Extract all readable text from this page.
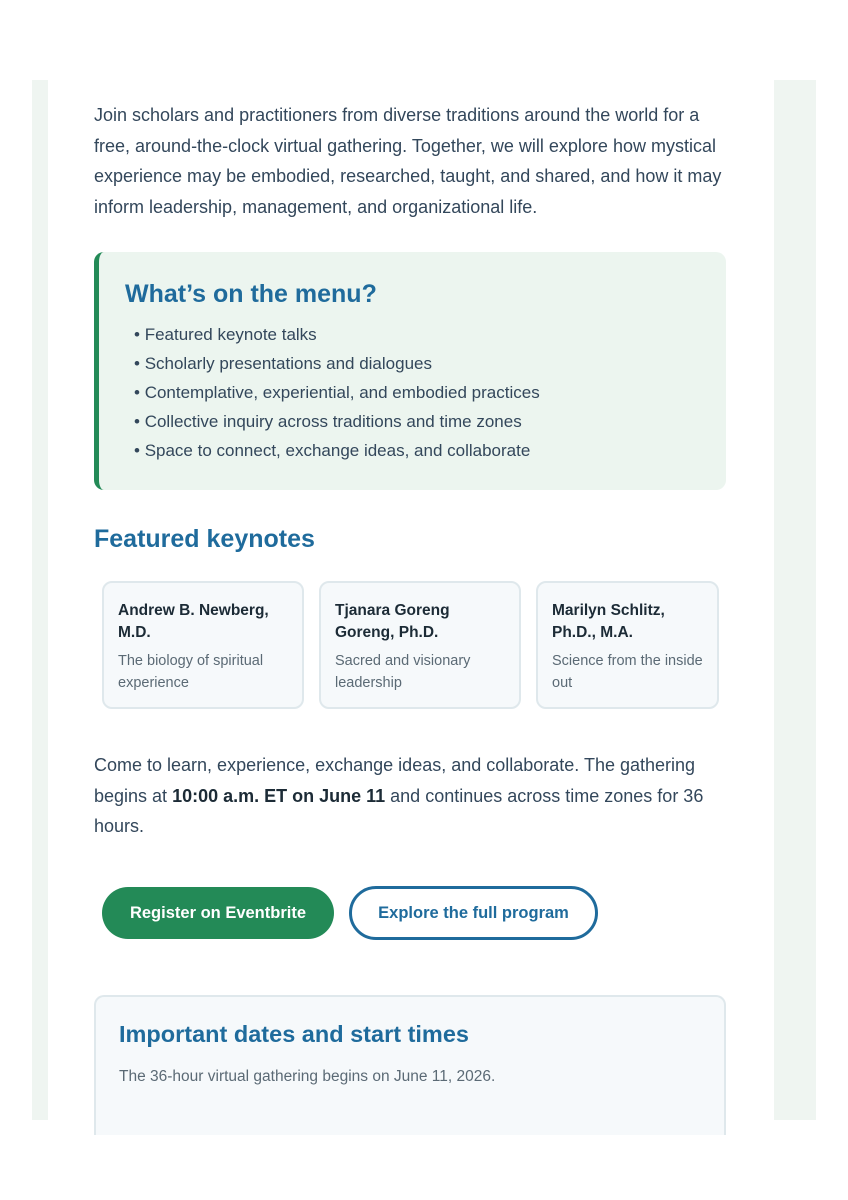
Join scholars and practitioners from diverse traditions around the world for a free, around-the-clock virtual gathering. Together, we will explore how mystical experience may be embodied, researched, taught, and shared, and how it may inform leadership, management, and organizational life.

What’s on the menu?
• Featured keynote talks
• Scholarly presentations and dialogues
• Contemplative, experiential, and embodied practices
• Collective inquiry across traditions and time zones
• Space to connect, exchange ideas, and collaborate
Featured keynotes
Andrew B. Newberg, M.D.
The biology of spiritual experience
Tjanara Goreng Goreng, Ph.D.
Sacred and visionary leadership
Marilyn Schlitz, Ph.D., M.A.
Science from the inside out

Come to learn, experience, exchange ideas, and collaborate. The gathering begins at 10:00 a.m. ET on June 11 and continues across time zones for 36 hours.

Register on Eventbrite	Explore the full program
Important dates and start times

The 36-hour virtual gathering begins on June 11, 2026.
